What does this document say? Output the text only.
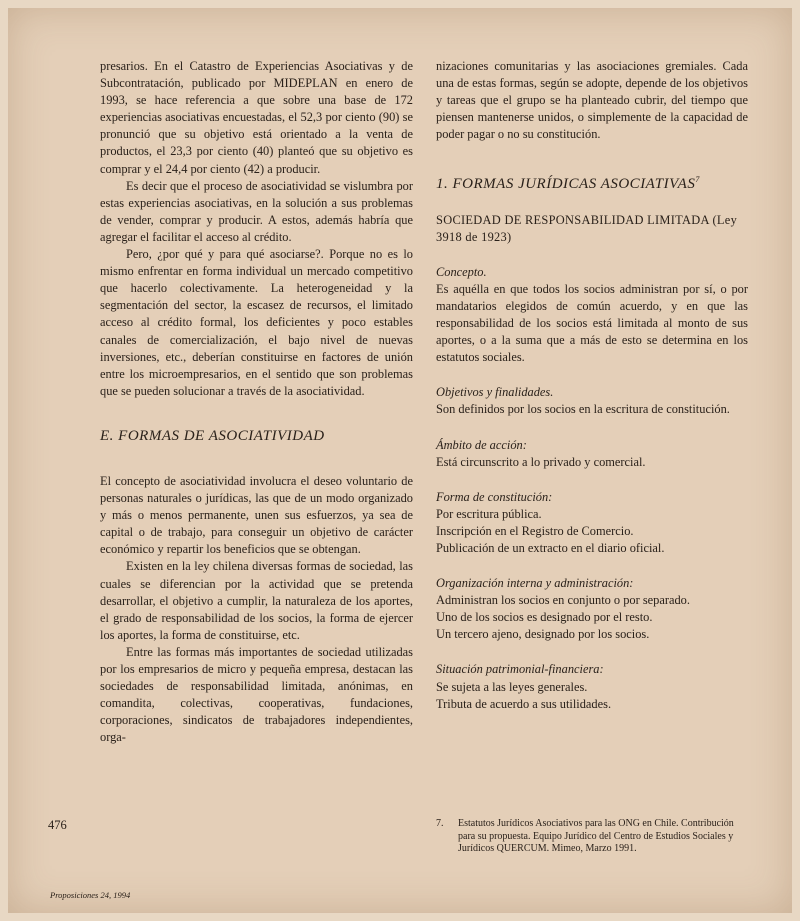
presarios. En el Catastro de Experiencias Asociativas y de Subcontratación, publicado por MIDEPLAN en enero de 1993, se hace referencia a que sobre una base de 172 experiencias asociativas encuestadas, el 52,3 por ciento (90) se pronunció que su objetivo está orientado a la venta de productos, el 23,3 por ciento (40) planteó que su objetivo es comprar y el 24,4 por ciento (42) a producir.

Es decir que el proceso de asociatividad se vislumbra por estas experiencias asociativas, en la solución a sus problemas de vender, comprar y producir. A estos, además habría que agregar el facilitar el acceso al crédito.

Pero, ¿por qué y para qué asociarse?. Porque no es lo mismo enfrentar en forma individual un mercado competitivo que hacerlo colectivamente. La heterogeneidad y la segmentación del sector, la escasez de recursos, el limitado acceso al crédito formal, los deficientes y poco estables canales de comercialización, el bajo nivel de nuevas inversiones, etc., deberían constituirse en factores de unión entre los microempresarios, en el sentido que son problemas que se pueden solucionar a través de la asociatividad.

E. FORMAS DE ASOCIATIVIDAD

El concepto de asociatividad involucra el deseo voluntario de personas naturales o jurídicas, las que de un modo organizado y más o menos permanente, unen sus esfuerzos, ya sea de capital o de trabajo, para conseguir un objetivo de carácter económico y repartir los beneficios que se obtengan.

Existen en la ley chilena diversas formas de sociedad, las cuales se diferencian por la actividad que se pretenda desarrollar, el objetivo a cumplir, la naturaleza de los aportes, el grado de responsabilidad de los socios, la forma de ejercer los aportes, la forma de constituirse, etc.

Entre las formas más importantes de sociedad utilizadas por los empresarios de micro y pequeña empresa, destacan las sociedades de responsabilidad limitada, anónimas, en comandita, colectivas, cooperativas, fundaciones, corporaciones, sindicatos de trabajadores independientes, orga-

nizaciones comunitarias y las asociaciones gremiales. Cada una de estas formas, según se adopte, depende de los objetivos y tareas que el grupo se ha planteado cubrir, del tiempo que piensen mantenerse unidos, o simplemente de la capacidad de poder pagar o no su constitución.

1. FORMAS JURÍDICAS ASOCIATIVAS$^7$

SOCIEDAD DE RESPONSABILIDAD LIMITADA (Ley 3918 de 1923)

Concepto.

Es aquélla en que todos los socios administran por sí, o por mandatarios elegidos de común acuerdo, y en que las responsabilidad de los socios está limitada al monto de sus aportes, o a la suma que a más de esto se determina en los estatutos sociales.

Objetivos y finalidades.

Son definidos por los socios en la escritura de constitución.

Ámbito de acción:

Está circunscrito a lo privado y comercial.

Forma de constitución:

Por escritura pública.

Inscripción en el Registro de Comercio.

Publicación de un extracto en el diario oficial.

Organización interna y administración:

Administran los socios en conjunto o por separado.

Uno de los socios es designado por el resto.

Un tercero ajeno, designado por los socios.

Situación patrimonial-financiera:

Se sujeta a las leyes generales.

Tributa de acuerdo a sus utilidades.

7. Estatutos Jurídicos Asociativos para las ONG en Chile. Contribución para su propuesta. Equipo Jurídico del Centro de Estudios Sociales y Jurídicos QUERCUM. Mimeo, Marzo 1991.
476
Proposiciones 24, 1994
